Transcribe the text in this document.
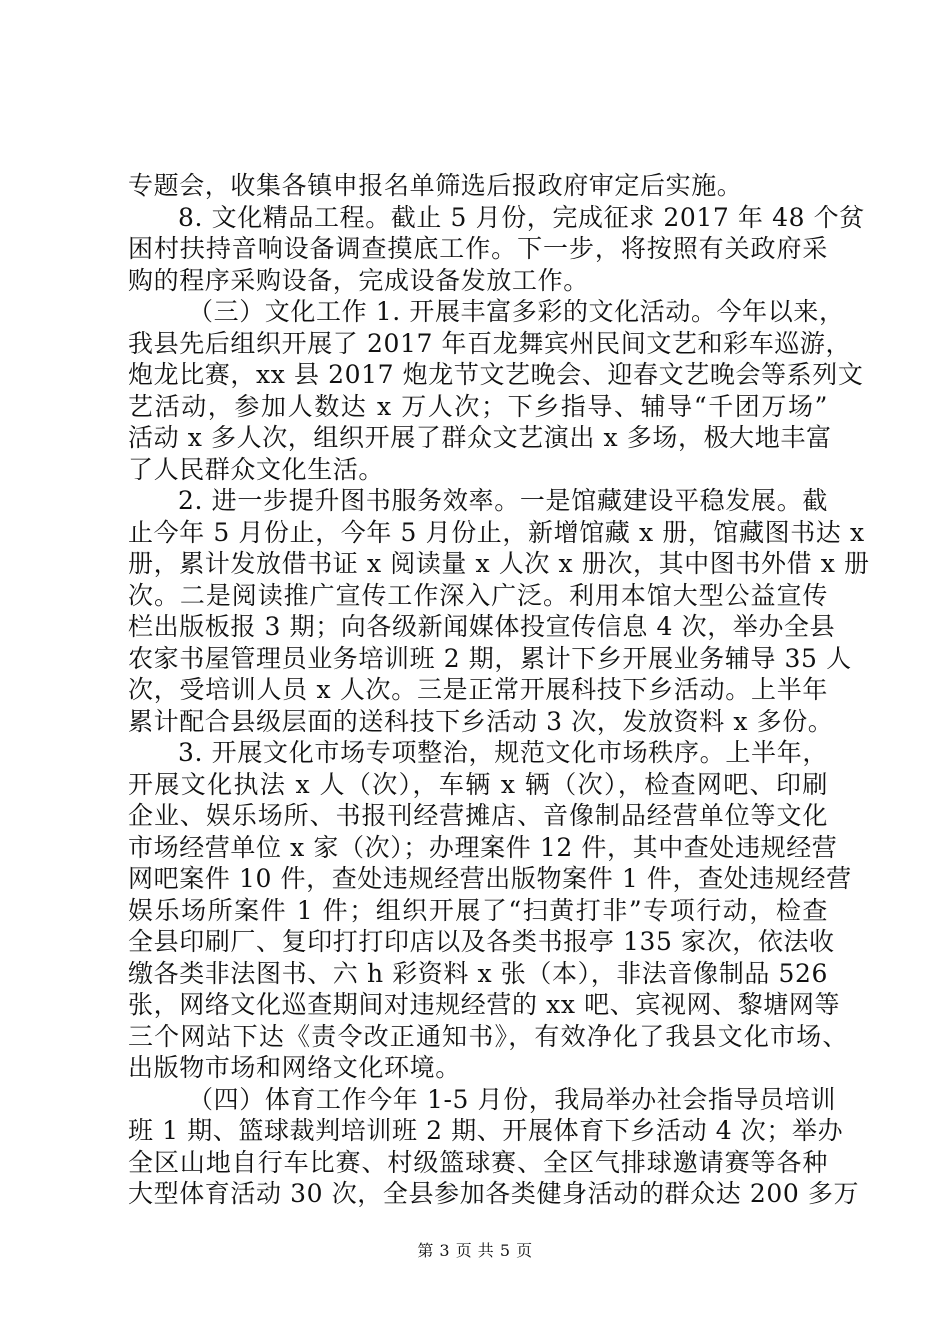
专题会，收集各镇申报名单筛选后报政府审定后实施。
8. 文化精品工程。截止 5 月份，完成征求 2017 年 48 个贫
困村扶持音响设备调查摸底工作。下一步，将按照有关政府采
购的程序采购设备，完成设备发放工作。
（三）文化工作 1. 开展丰富多彩的文化活动。今年以来，
我县先后组织开展了 2017 年百龙舞宾州民间文艺和彩车巡游，
炮龙比赛，xx 县 2017 炮龙节文艺晚会、迎春文艺晚会等系列文
艺活动，参加人数达 x 万人次；下乡指导、辅导“千团万场”
活动 x 多人次，组织开展了群众文艺演出 x 多场，极大地丰富
了人民群众文化生活。
2. 进一步提升图书服务效率。一是馆藏建设平稳发展。截
止今年 5 月份止，今年 5 月份止，新增馆藏 x 册，馆藏图书达 x
册，累计发放借书证 x 阅读量 x 人次 x 册次，其中图书外借 x 册
次。二是阅读推广宣传工作深入广泛。利用本馆大型公益宣传
栏出版板报 3 期；向各级新闻媒体投宣传信息 4 次，举办全县
农家书屋管理员业务培训班 2 期，累计下乡开展业务辅导 35 人
次，受培训人员 x 人次。三是正常开展科技下乡活动。上半年
累计配合县级层面的送科技下乡活动 3 次，发放资料 x 多份。
3. 开展文化市场专项整治，规范文化市场秩序。上半年，
开展文化执法 x 人（次），车辆 x 辆（次），检查网吧、印刷
企业、娱乐场所、书报刊经营摊店、音像制品经营单位等文化
市场经营单位 x 家（次）；办理案件 12 件，其中查处违规经营
网吧案件 10 件，查处违规经营出版物案件 1 件，查处违规经营
娱乐场所案件 1 件；组织开展了“扫黄打非”专项行动，检查
全县印刷厂、复印打打印店以及各类书报亭 135 家次，依法收
缴各类非法图书、六 h 彩资料 x 张（本），非法音像制品 526
张，网络文化巡查期间对违规经营的 xx 吧、宾视网、黎塘网等
三个网站下达《责令改正通知书》，有效净化了我县文化市场、
出版物市场和网络文化环境。
（四）体育工作今年 1-5 月份，我局举办社会指导员培训
班 1 期、篮球裁判培训班 2 期、开展体育下乡活动 4 次；举办
全区山地自行车比赛、村级篮球赛、全区气排球邀请赛等各种
大型体育活动 30 次，全县参加各类健身活动的群众达 200 多万
第 3 页 共 5 页
